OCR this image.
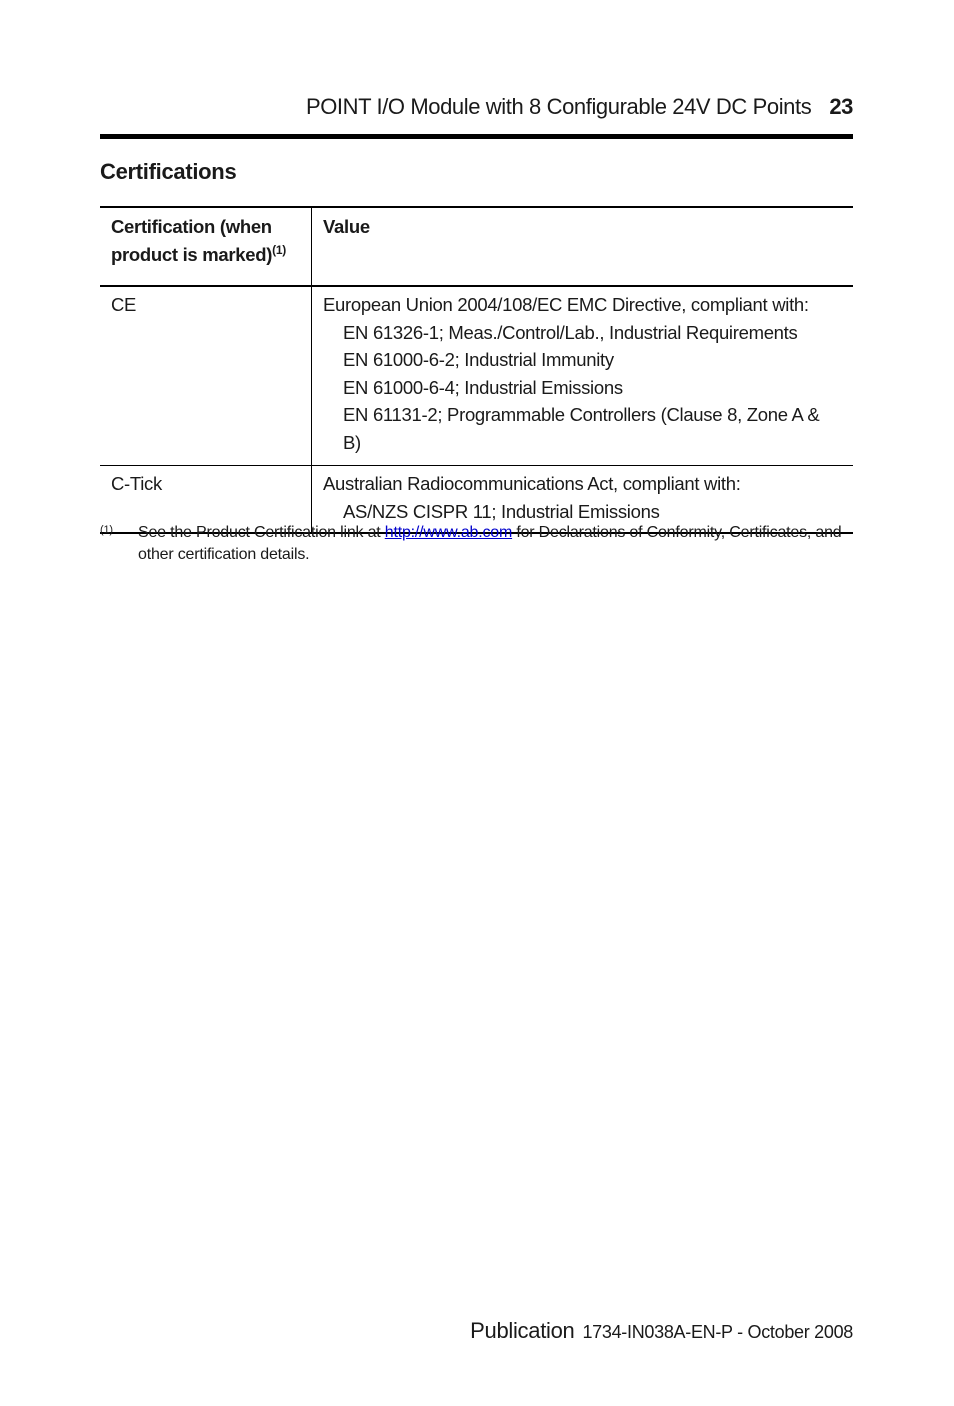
POINT I/O Module with 8 Configurable 24V DC Points 23
Certifications
Certification (when product is marked)$^{(1)}$	Value
CE	European Union 2004/108/EC EMC Directive, compliant with:
EN 61326-1; Meas./Control/Lab., Industrial Requirements
EN 61000-6-2; Industrial Immunity
EN 61000-6-4; Industrial Emissions
EN 61131-2; Programmable Controllers (Clause 8, Zone A & B)

C-Tick	Australian Radiocommunications Act, compliant with:
AS/NZS CISPR 11; Industrial Emissions
(1) See the Product Certification link at http://www.ab.com for Declarations of Conformity, Certificates, and other certification details.
Publication 1734-IN038A-EN-P - October 2008
